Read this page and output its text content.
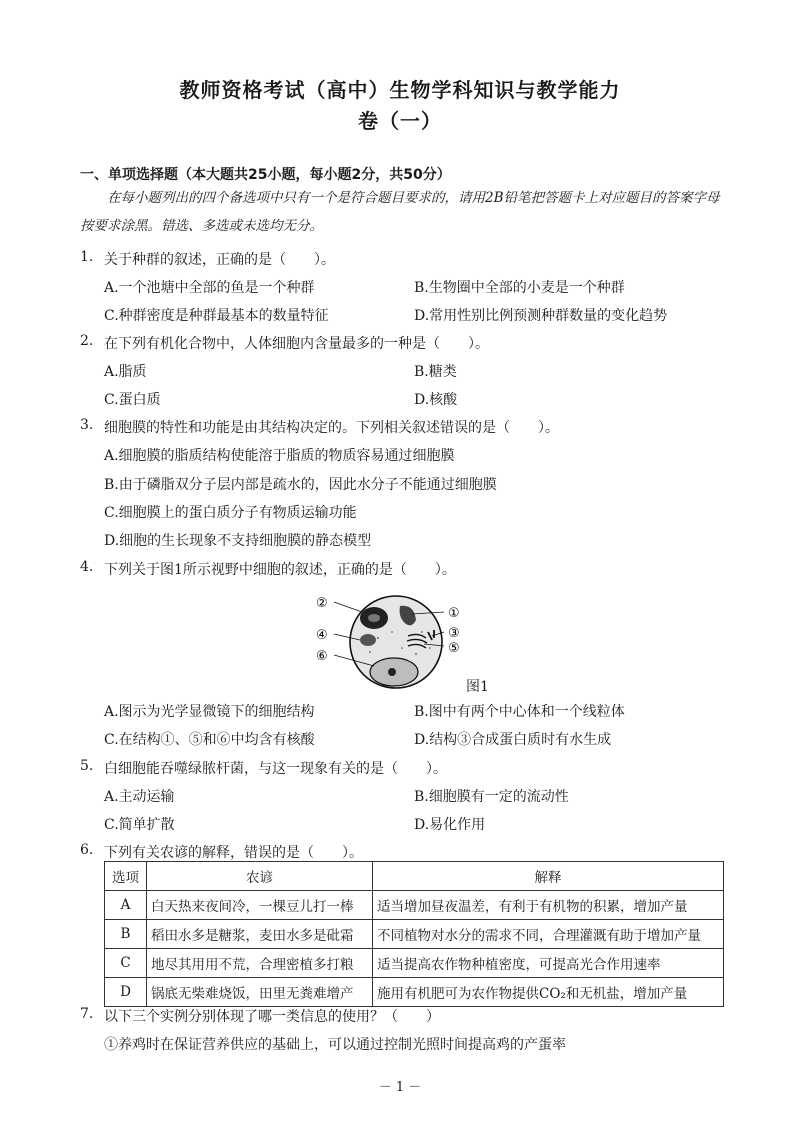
教师资格考试（高中）生物学科知识与教学能力
卷（一）
一、单项选择题（本大题共25小题，每小题2分，共50分）
在每小题列出的四个备选项中只有一个是符合题目要求的，请用2B铅笔把答题卡上对应题目的答案字母按要求涂黑。错选、多选或未选均无分。
1. 关于种群的叙述，正确的是（　　）。
A.一个池塘中全部的鱼是一个种群	B.生物圈中全部的小麦是一个种群
C.种群密度是种群最基本的数量特征	D.常用性别比例预测种群数量的变化趋势
2. 在下列有机化合物中，人体细胞内含量最多的一种是（　　）。
A.脂质	B.糖类
C.蛋白质	D.核酸
3. 细胞膜的特性和功能是由其结构决定的。下列相关叙述错误的是（　　）。
A.细胞膜的脂质结构使能溶于脂质的物质容易通过细胞膜
B.由于磷脂双分子层内部是疏水的，因此水分子不能通过细胞膜
C.细胞膜上的蛋白质分子有物质运输功能
D.细胞的生长现象不支持细胞膜的静态模型
4. 下列关于图1所示视野中细胞的叙述，正确的是（　　）。
②
①
④	③
⑥
⑤
图1
A.图示为光学显微镜下的细胞结构	B.图中有两个中心体和一个线粒体
C.在结构①、⑤和⑥中均含有核酸	D.结构③合成蛋白质时有水生成
5. 白细胞能吞噬绿脓杆菌，与这一现象有关的是（　　）。
A.主动运输	B.细胞膜有一定的流动性
C.简单扩散	D.易化作用
6. 下列有关农谚的解释，错误的是（　　）。
选项	农谚	解释
A	白天热来夜间冷，一棵豆儿打一棒	适当增加昼夜温差，有利于有机物的积累，增加产量
B	稻田水多是糖浆，麦田水多是砒霜	不同植物对水分的需求不同，合理灌溉有助于增加产量
C	地尽其用用不荒，合理密植多打粮	适当提高农作物种植密度，可提高光合作用速率
D	锅底无柴难烧饭，田里无粪难增产	施用有机肥可为农作物提供CO₂和无机盐，增加产量
7. 以下三个实例分别体现了哪一类信息的使用？（　　）
①养鸡时在保证营养供应的基础上，可以通过控制光照时间提高鸡的产蛋率
－ 1 －
